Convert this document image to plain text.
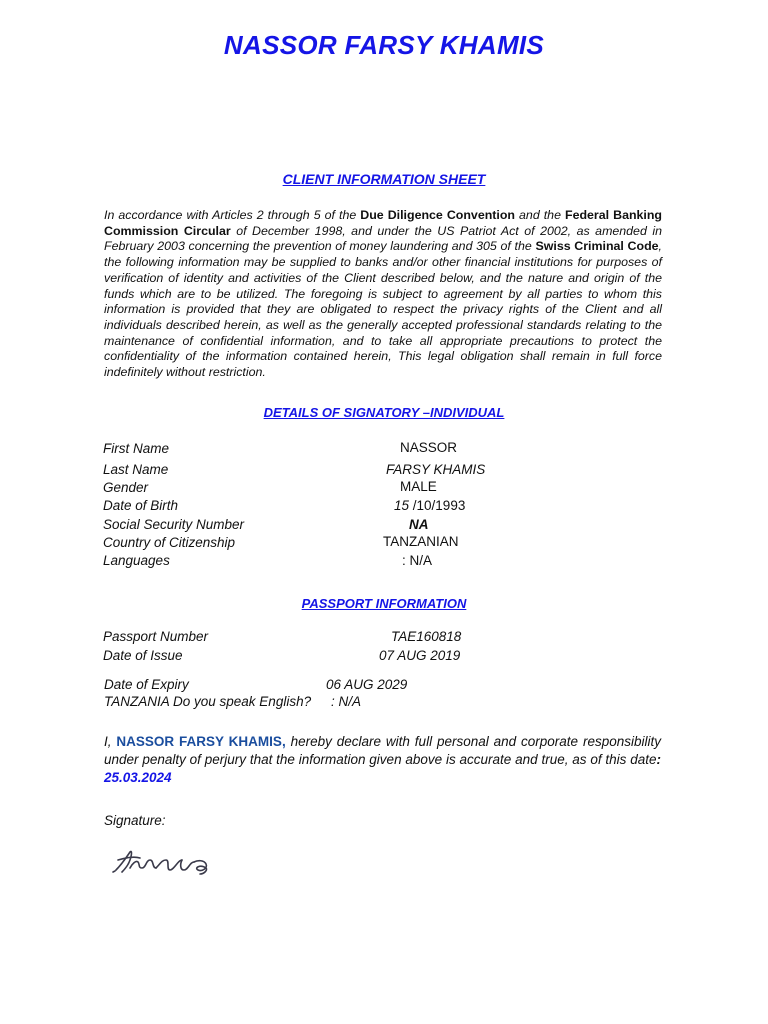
NASSOR FARSY KHAMIS
CLIENT INFORMATION SHEET
In accordance with Articles 2 through 5 of the Due Diligence Convention and the Federal Banking Commission Circular of December 1998, and under the US Patriot Act of 2002, as amended in February 2003 concerning the prevention of money laundering and 305 of the Swiss Criminal Code, the following information may be supplied to banks and/or other financial institutions for purposes of verification of identity and activities of the Client described below, and the nature and origin of the funds which are to be utilized. The foregoing is subject to agreement by all parties to whom this information is provided that they are obligated to respect the privacy rights of the Client and all individuals described herein, as well as the generally accepted professional standards relating to the maintenance of confidential information, and to take all appropriate precautions to protect the confidentiality of the information contained herein, This legal obligation shall remain in full force indefinitely without restriction.
DETAILS OF SIGNATORY –INDIVIDUAL
First Name	NASSOR
Last Name	FARSY KHAMIS
Gender	MALE
Date of Birth	15 /10/1993
Social Security Number	NA
Country of Citizenship	TANZANIAN
Languages	: N/A
PASSPORT INFORMATION
Passport Number	TAE160818
Date of Issue	07 AUG 2019
Date of Expiry	06 AUG 2029
TANZANIA Do you speak English? : N/A
I, NASSOR FARSY KHAMIS, hereby declare with full personal and corporate responsibility under penalty of perjury that the information given above is accurate and true, as of this date: 25.03.2024
Signature:
